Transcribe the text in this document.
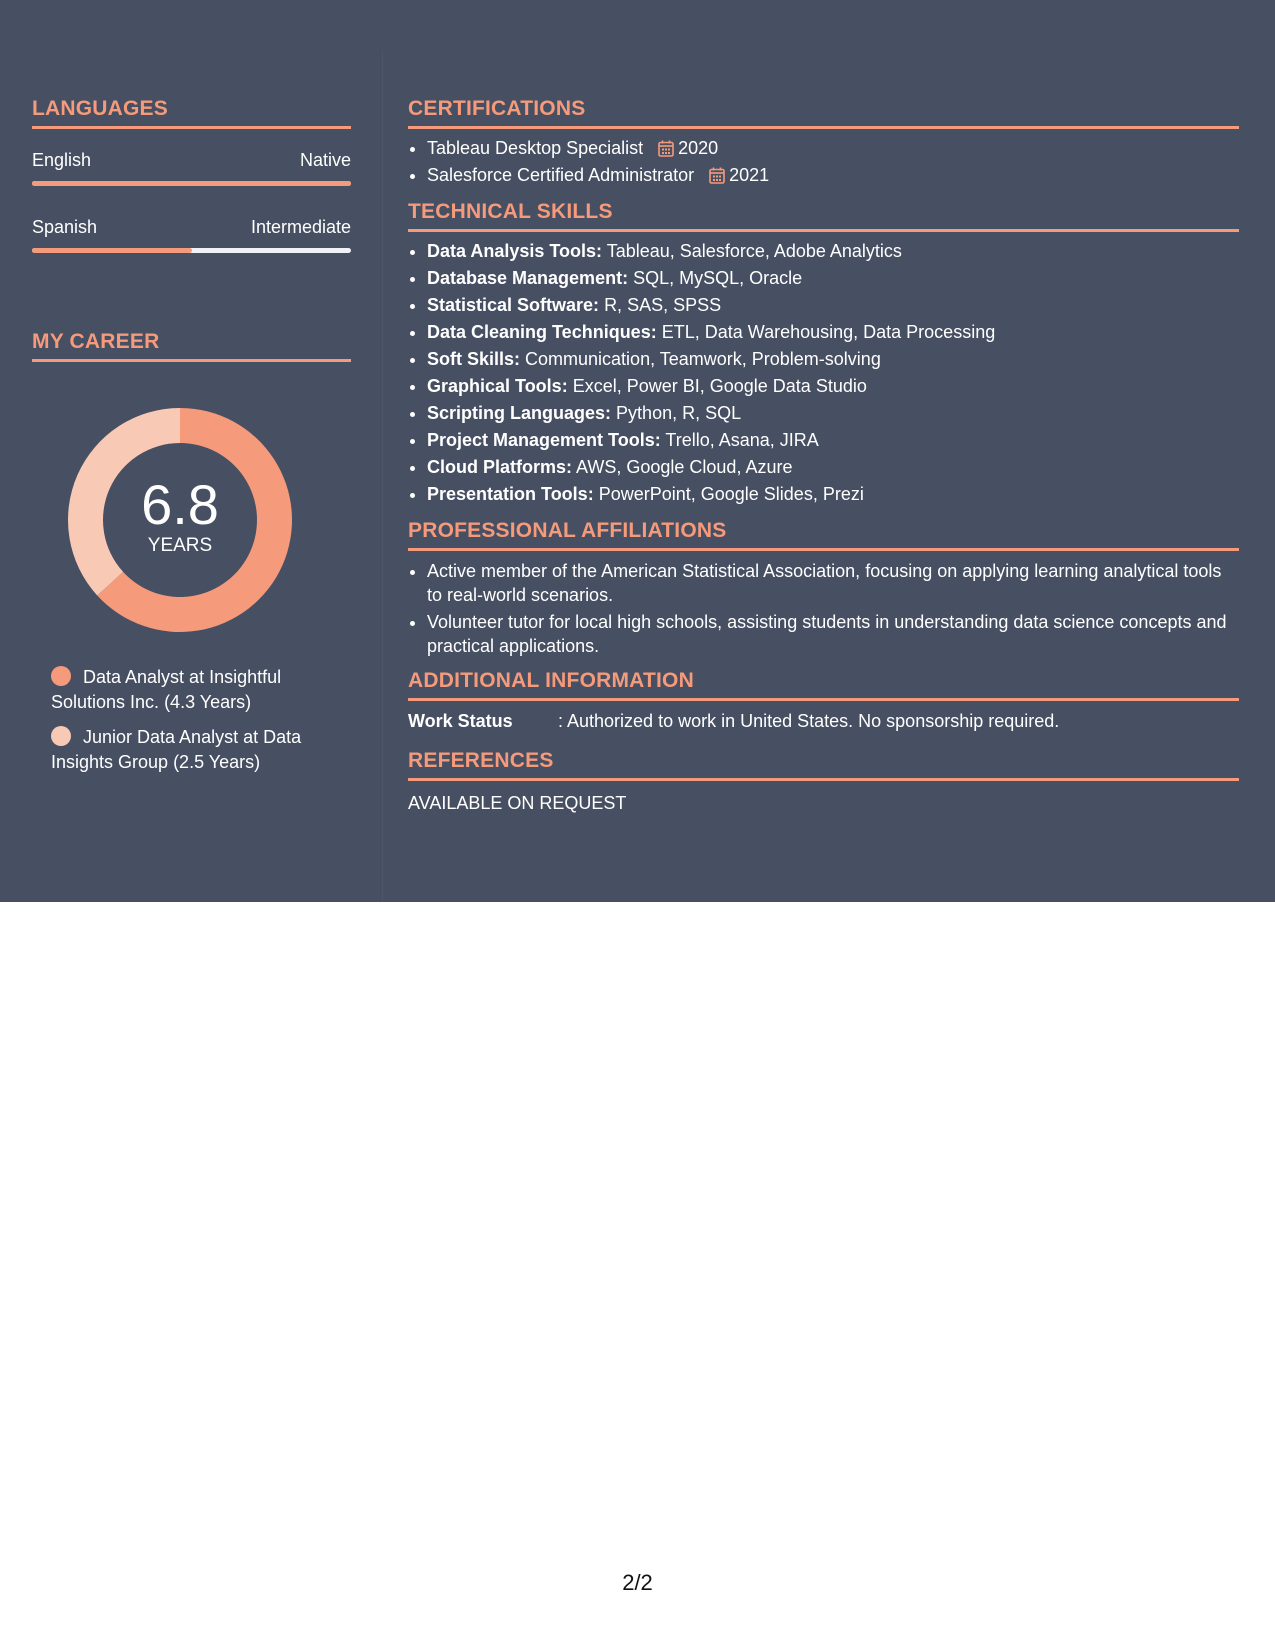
LANGUAGES
English	Native
Spanish	Intermediate
MY CAREER
6.8
YEARS
Data Analyst at Insightful Solutions Inc. (4.3 Years)
Junior Data Analyst at Data Insights Group (2.5 Years)
CERTIFICATIONS
• Tableau Desktop Specialist 2020
• Salesforce Certified Administrator 2021
TECHNICAL SKILLS
• Data Analysis Tools: Tableau, Salesforce, Adobe Analytics
• Database Management: SQL, MySQL, Oracle
• Statistical Software: R, SAS, SPSS
• Data Cleaning Techniques: ETL, Data Warehousing, Data Processing
• Soft Skills: Communication, Teamwork, Problem-solving
• Graphical Tools: Excel, Power BI, Google Data Studio
• Scripting Languages: Python, R, SQL
• Project Management Tools: Trello, Asana, JIRA
• Cloud Platforms: AWS, Google Cloud, Azure
• Presentation Tools: PowerPoint, Google Slides, Prezi
PROFESSIONAL AFFILIATIONS
• Active member of the American Statistical Association, focusing on applying learning analytical tools to real-world scenarios.
• Volunteer tutor for local high schools, assisting students in understanding data science concepts and practical applications.
ADDITIONAL INFORMATION
Work Status	: Authorized to work in United States. No sponsorship required.
REFERENCES
AVAILABLE ON REQUEST
2/2
